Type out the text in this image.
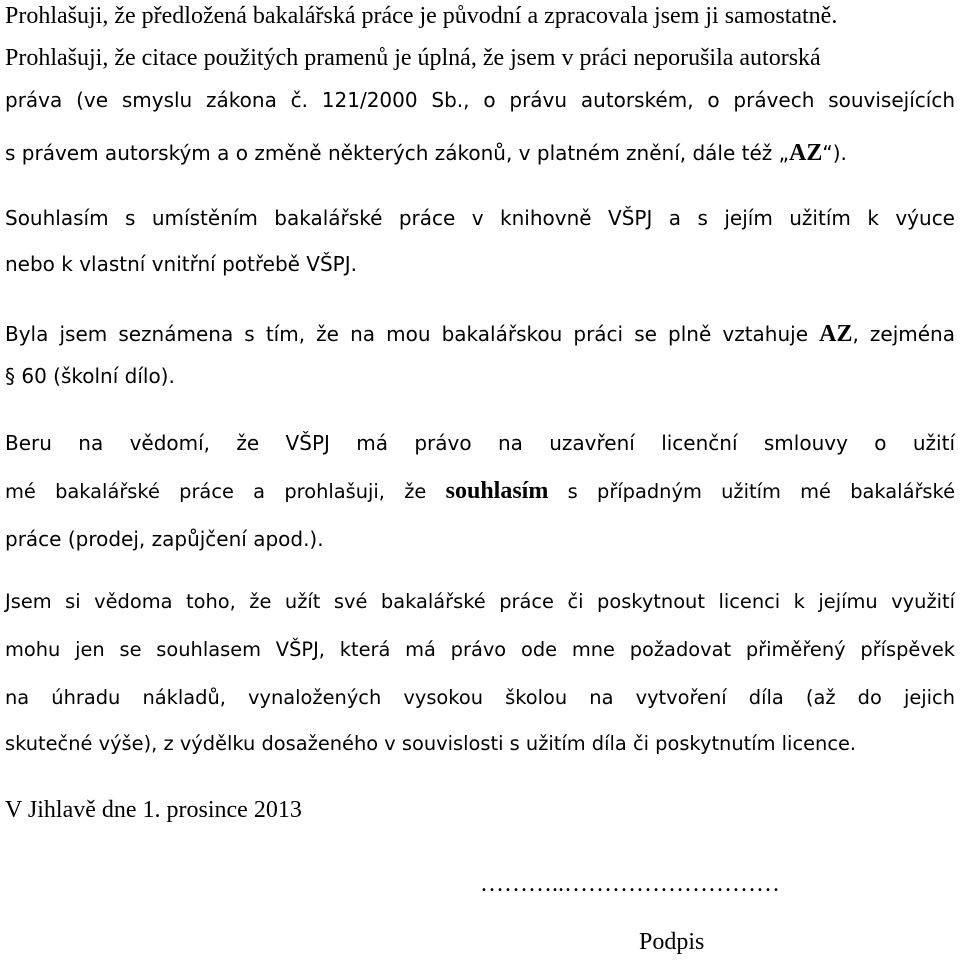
Prohlašuji, že předložená bakalářská práce je původní a zpracovala jsem ji samostatně.

Prohlašuji, že citace použitých pramenů je úplná, že jsem v práci neporušila autorská

práva (ve smyslu zákona č. 121/2000 Sb., o právu autorském, o právech souvisejících

s právem autorským a o změně některých zákonů, v platném znění, dále též „AZ“).

Souhlasím s umístěním bakalářské práce v knihovně VŠPJ a s jejím užitím k výuce

nebo k vlastní vnitřní potřebě VŠPJ.

Byla jsem seznámena s tím, že na mou bakalářskou práci se plně vztahuje AZ, zejména

§ 60 (školní dílo).

Beru na vědomí, že VŠPJ má právo na uzavření licenční smlouvy o užití

mé bakalářské práce a prohlašuji, že souhlasím s případným užitím mé bakalářské

práce (prodej, zapůjčení apod.).

Jsem si vědoma toho, že užít své bakalářské práce či poskytnout licenci k jejímu využití

mohu jen se souhlasem VŠPJ, která má právo ode mne požadovat přiměřený příspěvek

na úhradu nákladů, vynaložených vysokou školou na vytvoření díla (až do jejich

skutečné výše), z výdělku dosaženého v souvislosti s užitím díla či poskytnutím licence.

V Jihlavě dne 1. prosince 2013

………..………………………
Podpis
